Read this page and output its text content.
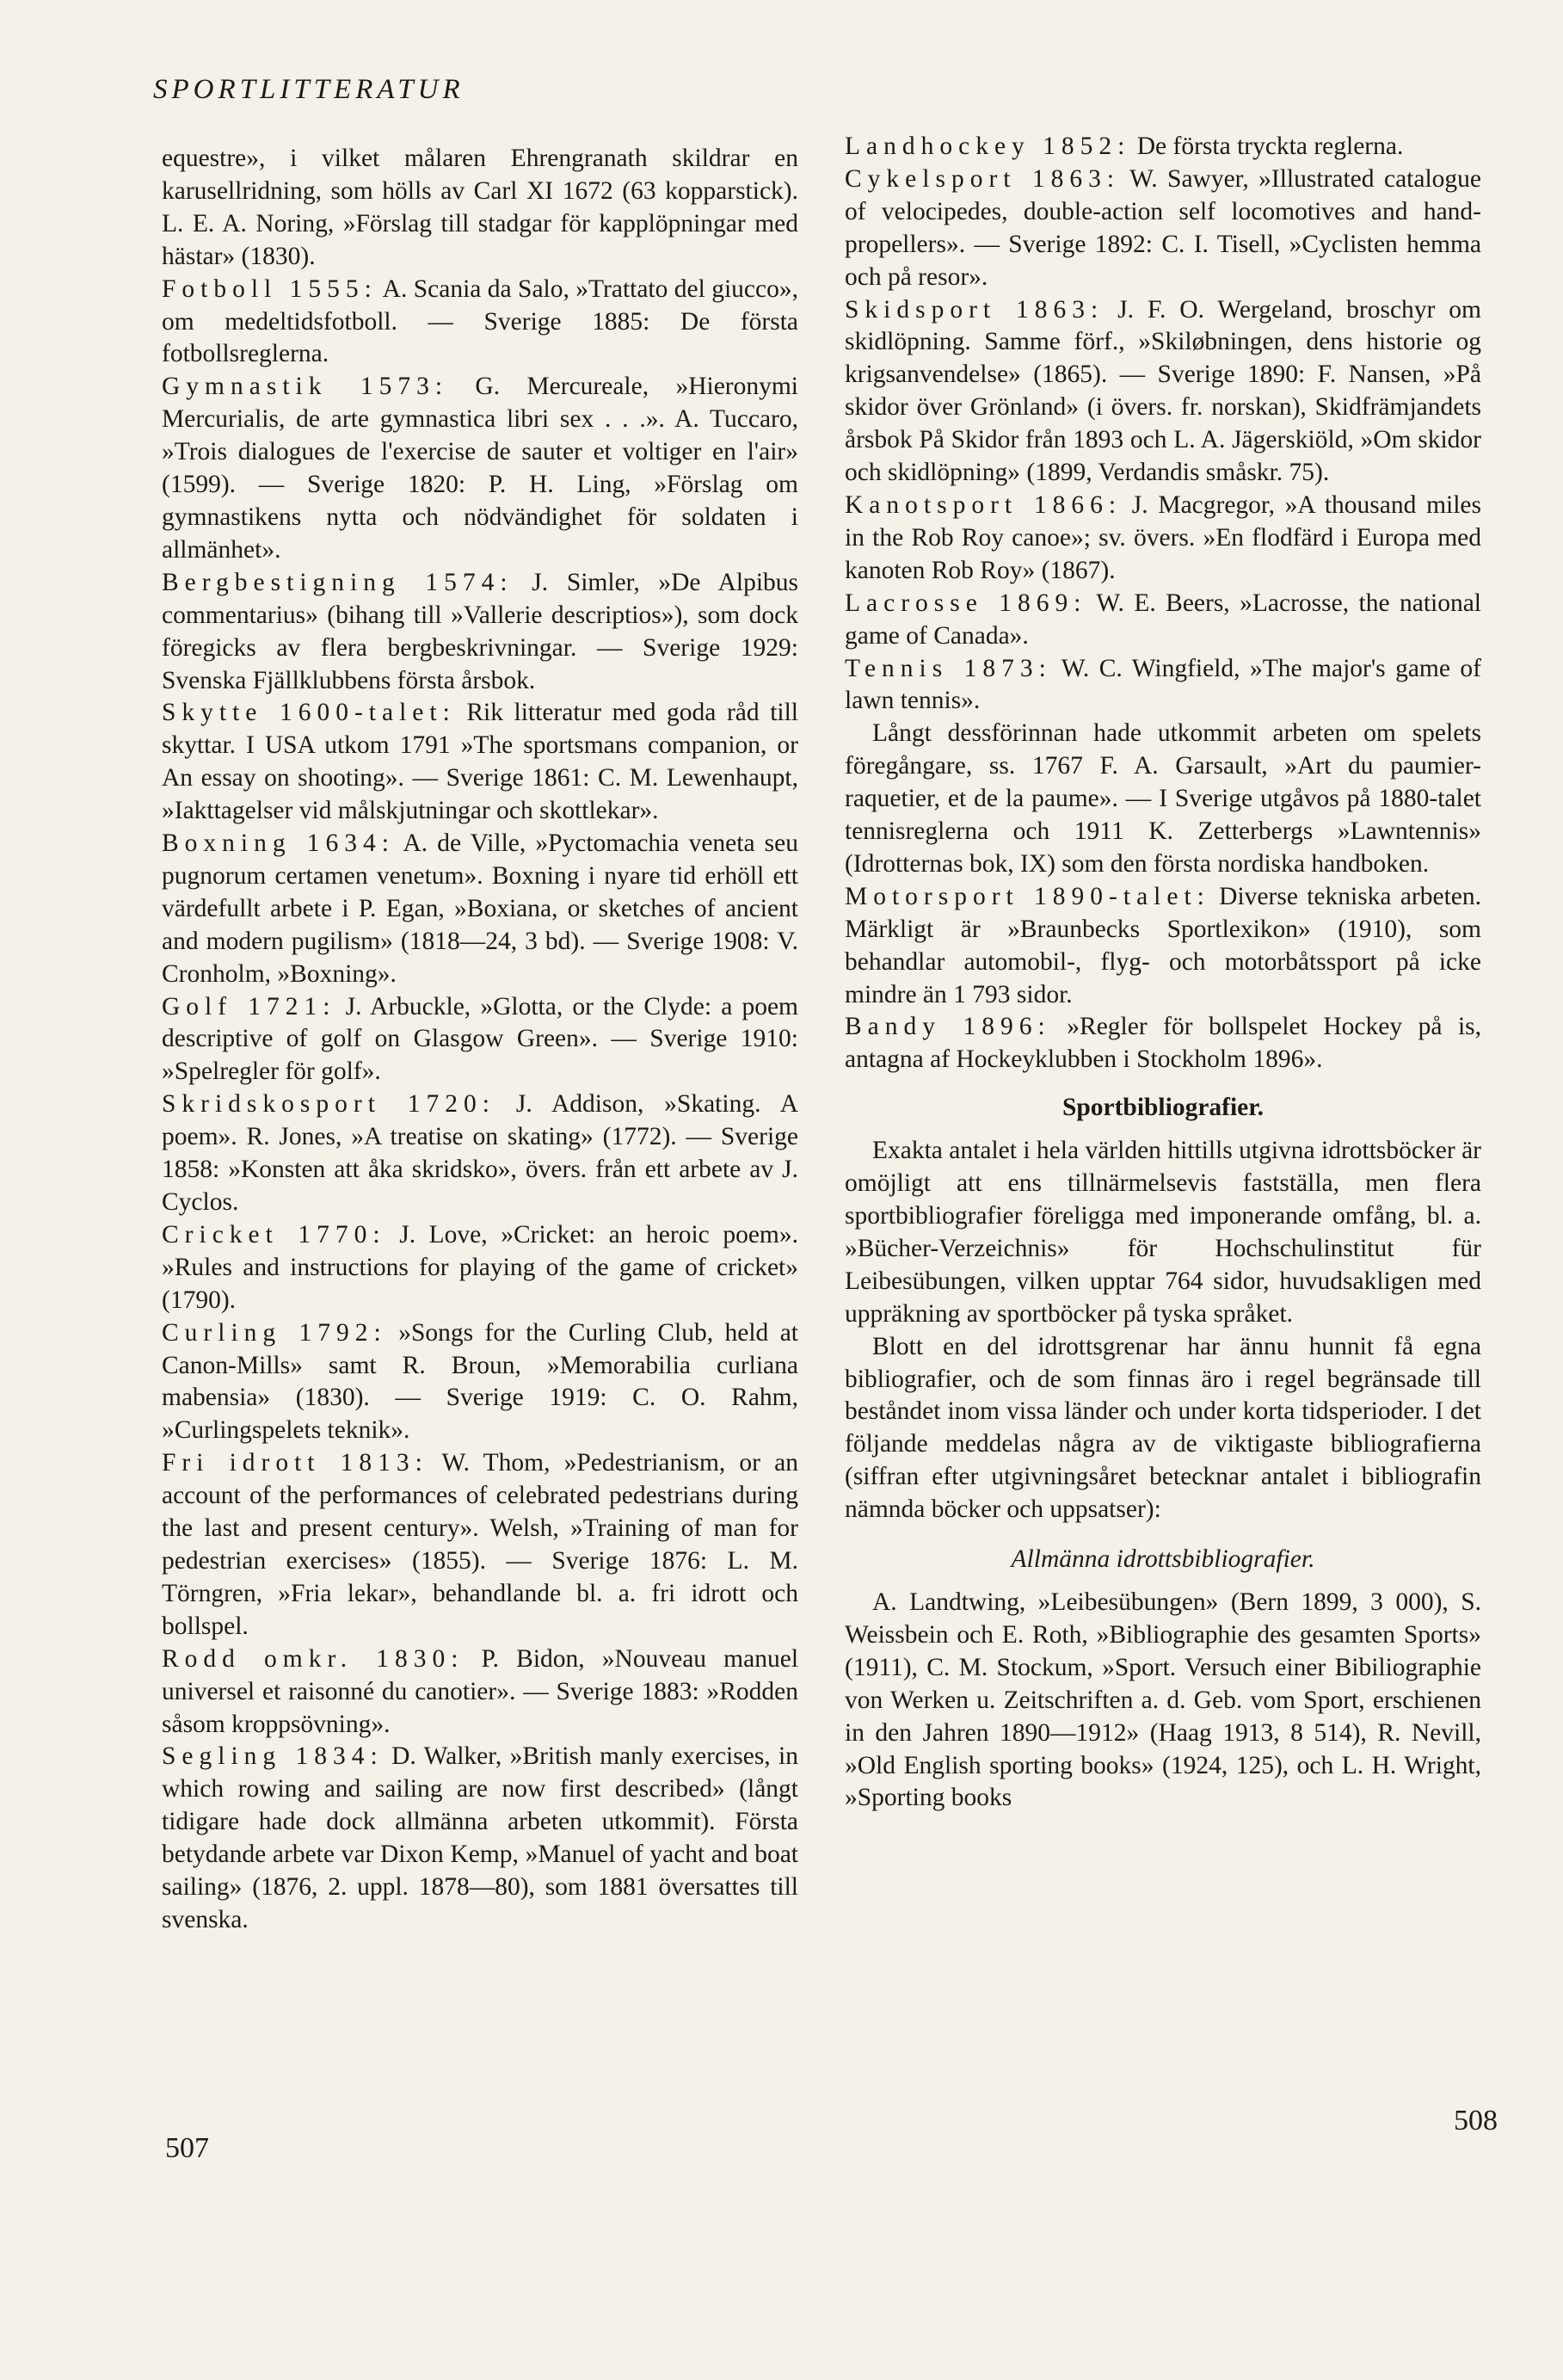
SPORTLITTERATUR

equestre», i vilket målaren Ehrengranath skildrar en karusellridning, som hölls av Carl XI 1672 (63 kopparstick). L. E. A. Noring, »Förslag till stadgar för kapplöpningar med hästar» (1830).

Fotboll 1555: A. Scania da Salo, »Trattato del giucco», om medeltidsfotboll. — Sverige 1885: De första fotbollsreglerna.

Gymnastik 1573: G. Mercureale, »Hieronymi Mercurialis, de arte gymnastica libri sex . . .». A. Tuccaro, »Trois dialogues de l'exercise de sauter et voltiger en l'air» (1599). — Sverige 1820: P. H. Ling, »Förslag om gymnastikens nytta och nödvändighet för soldaten i allmänhet».

Bergbestigning 1574: J. Simler, »De Alpibus commentarius» (bihang till »Vallerie descriptios»), som dock föregicks av flera bergbeskrivningar. — Sverige 1929: Svenska Fjällklubbens första årsbok.

Skytte 1600-talet: Rik litteratur med goda råd till skyttar. I USA utkom 1791 »The sportsmans companion, or An essay on shooting». — Sverige 1861: C. M. Lewenhaupt, »Iakttagelser vid målskjutningar och skottlekar».

Boxning 1634: A. de Ville, »Pyctomachia veneta seu pugnorum certamen venetum». Boxning i nyare tid erhöll ett värdefullt arbete i P. Egan, »Boxiana, or sketches of ancient and modern pugilism» (1818—24, 3 bd). — Sverige 1908: V. Cronholm, »Boxning».

Golf 1721: J. Arbuckle, »Glotta, or the Clyde: a poem descriptive of golf on Glasgow Green». — Sverige 1910: »Spelregler för golf».

Skridskosport 1720: J. Addison, »Skating. A poem». R. Jones, »A treatise on skating» (1772). — Sverige 1858: »Konsten att åka skridsko», övers. från ett arbete av J. Cyclos.

Cricket 1770: J. Love, »Cricket: an heroic poem». »Rules and instructions for playing of the game of cricket» (1790).

Curling 1792: »Songs for the Curling Club, held at Canon-Mills» samt R. Broun, »Memorabilia curliana mabensia» (1830). — Sverige 1919: C. O. Rahm, »Curlingspelets teknik».

Fri idrott 1813: W. Thom, »Pedestrianism, or an account of the performances of celebrated pedestrians during the last and present century». Welsh, »Training of man for pedestrian exercises» (1855). — Sverige 1876: L. M. Törngren, »Fria lekar», behandlande bl. a. fri idrott och bollspel.

Rodd omkr. 1830: P. Bidon, »Nouveau manuel universel et raisonné du canotier». — Sverige 1883: »Rodden såsom kroppsövning».

Segling 1834: D. Walker, »British manly exercises, in which rowing and sailing are now first described» (långt tidigare hade dock allmänna arbeten utkommit). Första betydande arbete var Dixon Kemp, »Manuel of yacht and boat sailing» (1876, 2. uppl. 1878—80), som 1881 översattes till svenska.

Landhockey 1852: De första tryckta reglerna.

Cykelsport 1863: W. Sawyer, »Illustrated catalogue of velocipedes, double-action self locomotives and hand-propellers». — Sverige 1892: C. I. Tisell, »Cyclisten hemma och på resor».

Skidsport 1863: J. F. O. Wergeland, broschyr om skidlöpning. Samme förf., »Skiløbningen, dens historie og krigsanvendelse» (1865). — Sverige 1890: F. Nansen, »På skidor över Grönland» (i övers. fr. norskan), Skidfrämjandets årsbok På Skidor från 1893 och L. A. Jägerskiöld, »Om skidor och skidlöpning» (1899, Verdandis småskr. 75).

Kanotsport 1866: J. Macgregor, »A thousand miles in the Rob Roy canoe»; sv. övers. »En flodfärd i Europa med kanoten Rob Roy» (1867).

Lacrosse 1869: W. E. Beers, »Lacrosse, the national game of Canada».

Tennis 1873: W. C. Wingfield, »The major's game of lawn tennis».

Långt dessförinnan hade utkommit arbeten om spelets föregångare, ss. 1767 F. A. Garsault, »Art du paumier-raquetier, et de la paume». — I Sverige utgåvos på 1880-talet tennisreglerna och 1911 K. Zetterbergs »Lawntennis» (Idrotternas bok, IX) som den första nordiska handboken.

Motorsport 1890-talet: Diverse tekniska arbeten. Märkligt är »Braunbecks Sportlexikon» (1910), som behandlar automobil-, flyg- och motorbåtssport på icke mindre än 1 793 sidor.

Bandy 1896: »Regler för bollspelet Hockey på is, antagna af Hockeyklubben i Stockholm 1896».

Sportbibliografier.

Exakta antalet i hela världen hittills utgivna idrottsböcker är omöjligt att ens tillnärmelsevis fastställa, men flera sportbibliografier föreligga med imponerande omfång, bl. a. »Bücher-Verzeichnis» för Hochschulinstitut für Leibesübungen, vilken upptar 764 sidor, huvudsakligen med uppräkning av sportböcker på tyska språket.

Blott en del idrottsgrenar har ännu hunnit få egna bibliografier, och de som finnas äro i regel begränsade till beståndet inom vissa länder och under korta tidsperioder. I det följande meddelas några av de viktigaste bibliografierna (siffran efter utgivningsåret betecknar antalet i bibliografin nämnda böcker och uppsatser):

Allmänna idrottsbibliografier.

A. Landtwing, »Leibesübungen» (Bern 1899, 3 000), S. Weissbein och E. Roth, »Bibliographie des gesamten Sports» (1911), C. M. Stockum, »Sport. Versuch einer Bibiliographie von Werken u. Zeitschriften a. d. Geb. vom Sport, erschienen in den Jahren 1890—1912» (Haag 1913, 8 514), R. Nevill, »Old English sporting books» (1924, 125), och L. H. Wright, »Sporting books

507
508
